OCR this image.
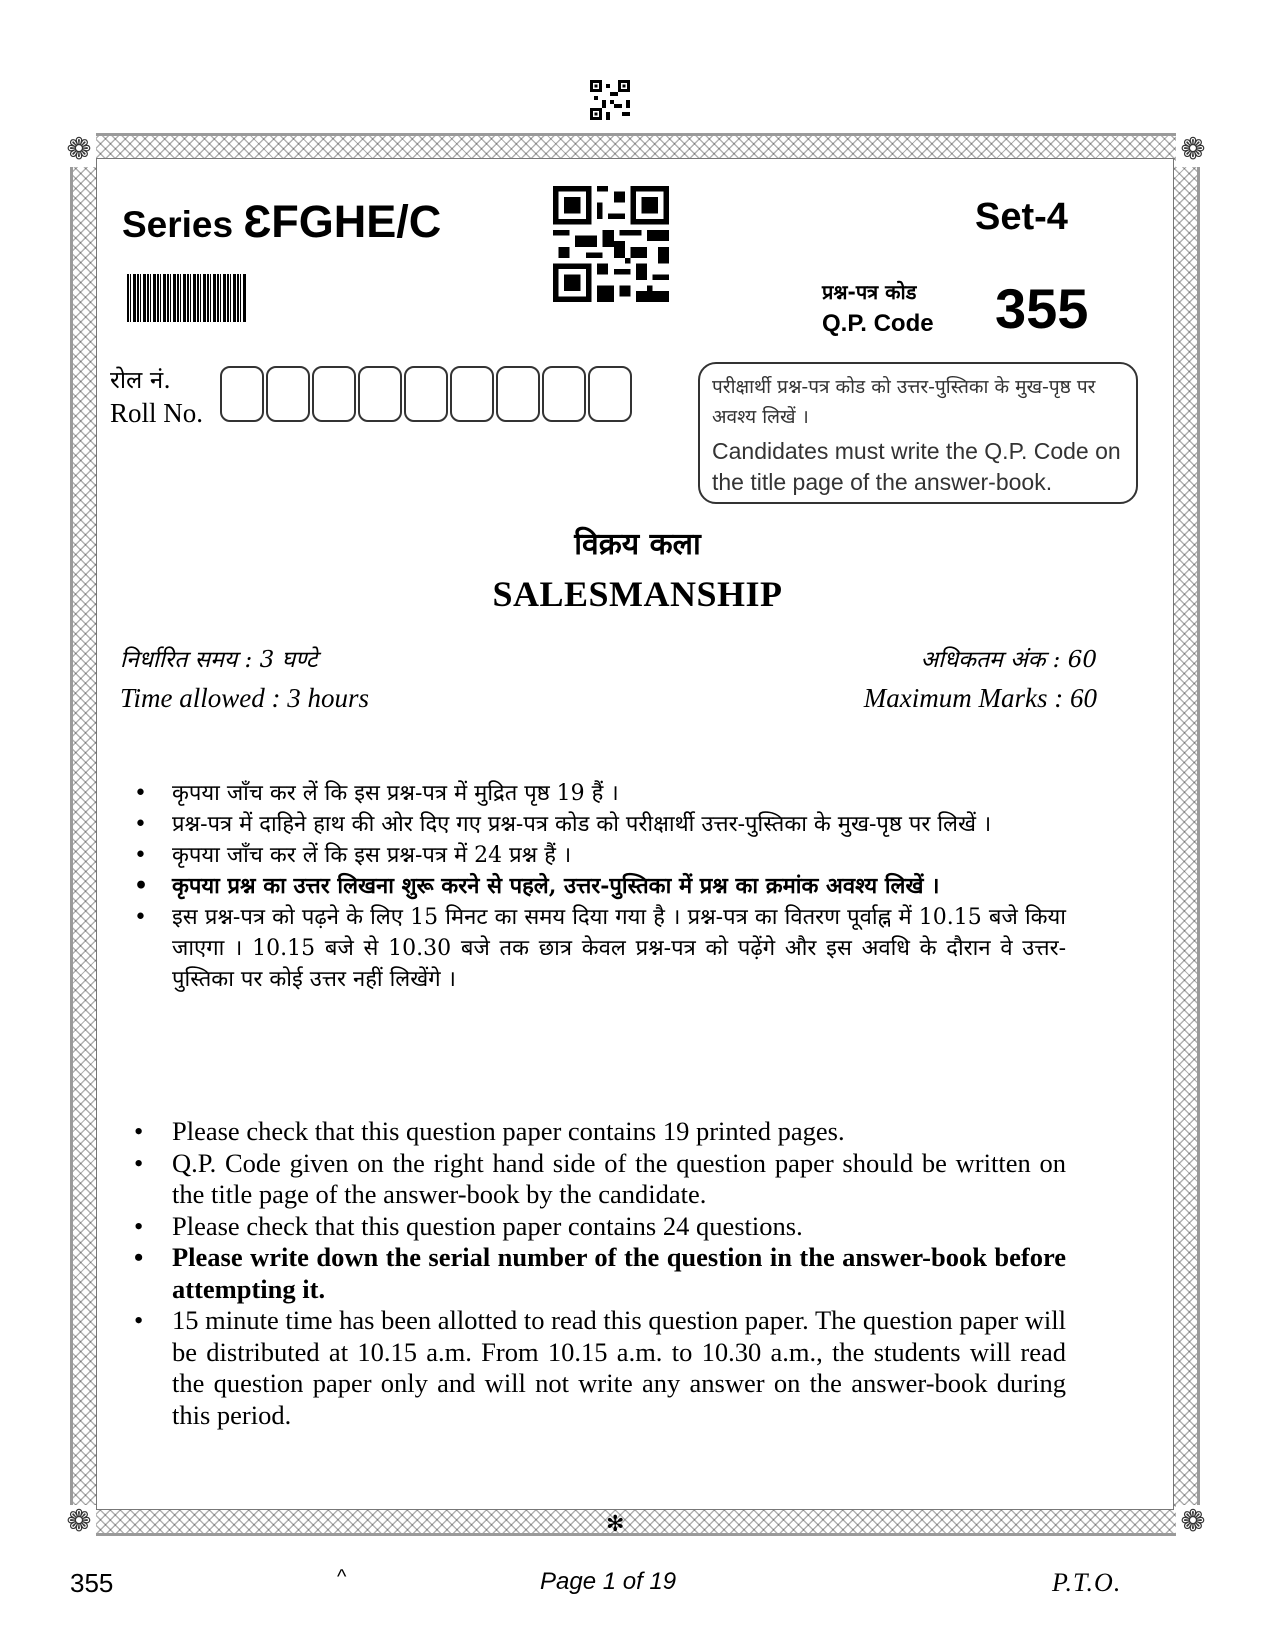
❁	❁
❁	❁
Series ƐFGHE/C	Set-4
प्रश्न-पत्र कोड
Q.P. Code 355
रोल नं.
Roll No.
परीक्षार्थी प्रश्न-पत्र कोड को उत्तर-पुस्तिका के मुख-पृष्ठ पर अवश्य लिखें ।
Candidates must write the Q.P. Code on the title page of the answer-book.
विक्रय कला
SALESMANSHIP
निर्धारित समय : 3 घण्टे
Time allowed : 3 hours
अधिकतम अंक : 60
Maximum Marks : 60
• कृपया जाँच कर लें कि इस प्रश्न-पत्र में मुद्रित पृष्ठ 19 हैं ।
• प्रश्न-पत्र में दाहिने हाथ की ओर दिए गए प्रश्न-पत्र कोड को परीक्षार्थी उत्तर-पुस्तिका के मुख-पृष्ठ पर लिखें ।
• कृपया जाँच कर लें कि इस प्रश्न-पत्र में 24 प्रश्न हैं ।
• कृपया प्रश्न का उत्तर लिखना शुरू करने से पहले, उत्तर-पुस्तिका में प्रश्न का क्रमांक अवश्य लिखें ।
• इस प्रश्न-पत्र को पढ़ने के लिए 15 मिनट का समय दिया गया है । प्रश्न-पत्र का वितरण पूर्वाह्न में 10.15 बजे किया जाएगा । 10.15 बजे से 10.30 बजे तक छात्र केवल प्रश्न-पत्र को पढ़ेंगे और इस अवधि के दौरान वे उत्तर-पुस्तिका पर कोई उत्तर नहीं लिखेंगे ।
• Please check that this question paper contains 19 printed pages.
• Q.P. Code given on the right hand side of the question paper should be written on the title page of the answer-book by the candidate.
• Please check that this question paper contains 24 questions.
• Please write down the serial number of the question in the answer-book before attempting it.
• 15 minute time has been allotted to read this question paper. The question paper will be distributed at 10.15 a.m. From 10.15 a.m. to 10.30 a.m., the students will read the question paper only and will not write any answer on the answer-book during this period.
✻
355	^	Page 1 of 19	P.T.O.
